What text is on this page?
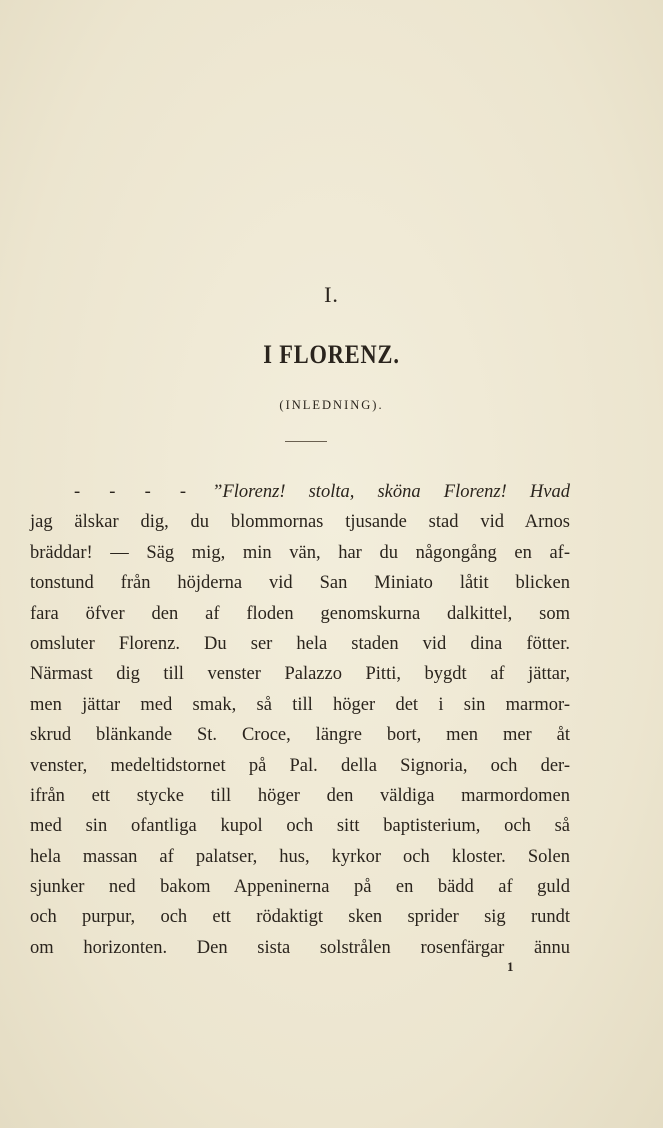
I.
I FLORENZ.
(INLEDNING).
- - - - ”Florenz! stolta, sköna Florenz! Hvad
jag älskar dig, du blommornas tjusande stad vid Arnos
bräddar! — Säg mig, min vän, har du någongång en af-
tonstund från höjderna vid San Miniato låtit blicken
fara öfver den af floden genomskurna dalkittel, som
omsluter Florenz. Du ser hela staden vid dina fötter.
Närmast dig till venster Palazzo Pitti, bygdt af jättar,
men jättar med smak, så till höger det i sin marmor-
skrud blänkande St. Croce, längre bort, men mer åt
venster, medeltidstornet på Pal. della Signoria, och der-
ifrån ett stycke till höger den väldiga marmordomen
med sin ofantliga kupol och sitt baptisterium, och så
hela massan af palatser, hus, kyrkor och kloster. Solen
sjunker ned bakom Appeninerna på en bädd af guld
och purpur, och ett rödaktigt sken sprider sig rundt
om horizonten. Den sista solstrålen rosenfärgar ännu
1
